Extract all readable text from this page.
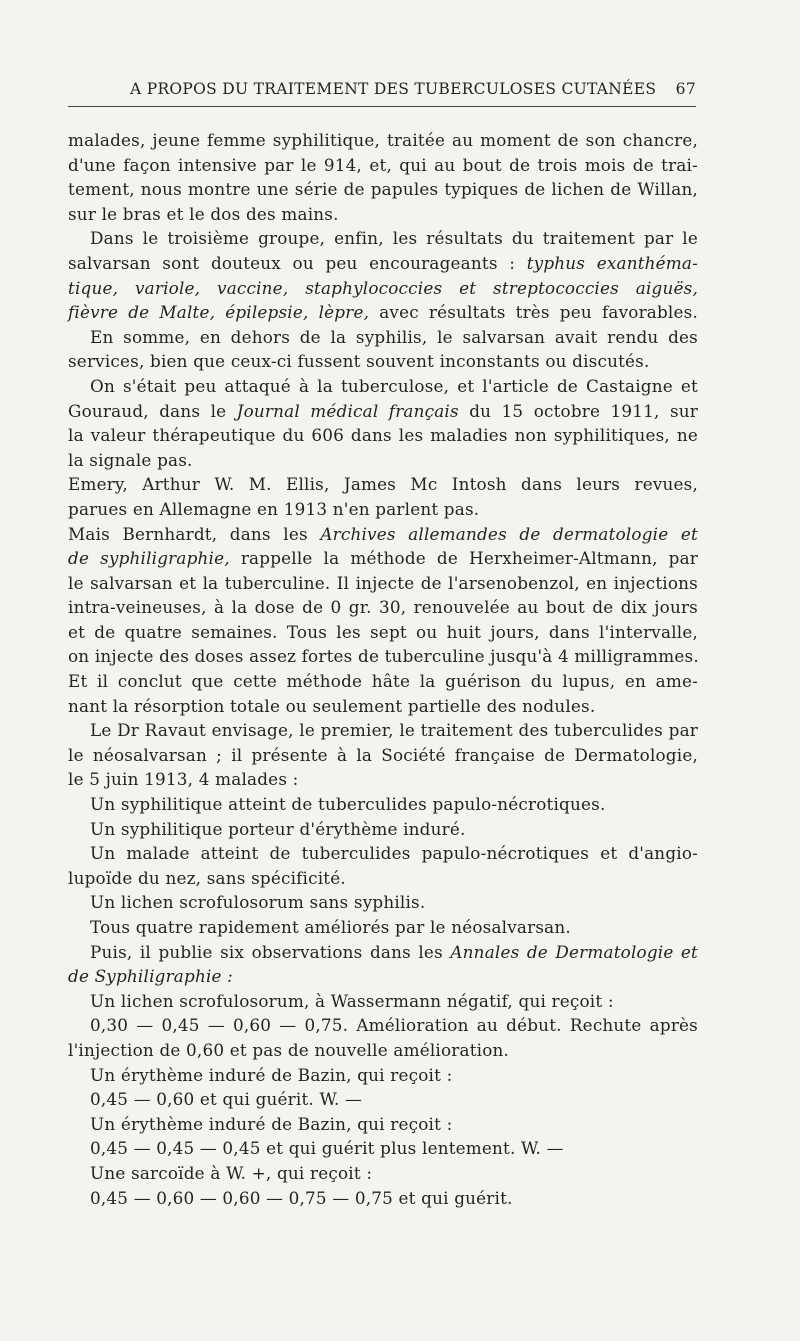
A PROPOS DU TRAITEMENT DES TUBERCULOSES CUTANÉES 67
malades, jeune femme syphilitique, traitée au moment de son chancre,
d'une façon intensive par le 914, et, qui au bout de trois mois de trai-
tement, nous montre une série de papules typiques de lichen de Willan,
sur le bras et le dos des mains.
Dans le troisième groupe, enfin, les résultats du traitement par le
salvarsan sont douteux ou peu encourageants : typhus exanthéma-
tique, variole, vaccine, staphylococcies et streptococcies aiguës,
fièvre de Malte, épilepsie, lèpre, avec résultats très peu favorables.
En somme, en dehors de la syphilis, le salvarsan avait rendu des
services, bien que ceux-ci fussent souvent inconstants ou discutés.
On s'était peu attaqué à la tuberculose, et l'article de Castaigne et
Gouraud, dans le Journal médical français du 15 octobre 1911, sur
la valeur thérapeutique du 606 dans les maladies non syphilitiques, ne
la signale pas.
Emery, Arthur W. M. Ellis, James Mc Intosh dans leurs revues,
parues en Allemagne en 1913 n'en parlent pas.
Mais Bernhardt, dans les Archives allemandes de dermatologie et
de syphiligraphie, rappelle la méthode de Herxheimer-Altmann, par
le salvarsan et la tuberculine. Il injecte de l'arsenobenzol, en injections
intra-veineuses, à la dose de 0 gr. 30, renouvelée au bout de dix jours
et de quatre semaines. Tous les sept ou huit jours, dans l'intervalle,
on injecte des doses assez fortes de tuberculine jusqu'à 4 milligrammes.
Et il conclut que cette méthode hâte la guérison du lupus, en ame-
nant la résorption totale ou seulement partielle des nodules.
Le Dr Ravaut envisage, le premier, le traitement des tuberculides par
le néosalvarsan ; il présente à la Société française de Dermatologie,
le 5 juin 1913, 4 malades :
Un syphilitique atteint de tuberculides papulo-nécrotiques.
Un syphilitique porteur d'érythème induré.
Un malade atteint de tuberculides papulo-nécrotiques et d'angio-
lupoïde du nez, sans spécificité.
Un lichen scrofulosorum sans syphilis.
Tous quatre rapidement améliorés par le néosalvarsan.
Puis, il publie six observations dans les Annales de Dermatologie et
de Syphiligraphie :
Un lichen scrofulosorum, à Wassermann négatif, qui reçoit :
0,30 — 0,45 — 0,60 — 0,75. Amélioration au début. Rechute après
l'injection de 0,60 et pas de nouvelle amélioration.
Un érythème induré de Bazin, qui reçoit :
0,45 — 0,60 et qui guérit. W. —
Un érythème induré de Bazin, qui reçoit :
0,45 — 0,45 — 0,45 et qui guérit plus lentement. W. —
Une sarcoïde à W. +, qui reçoit :
0,45 — 0,60 — 0,60 — 0,75 — 0,75 et qui guérit.
